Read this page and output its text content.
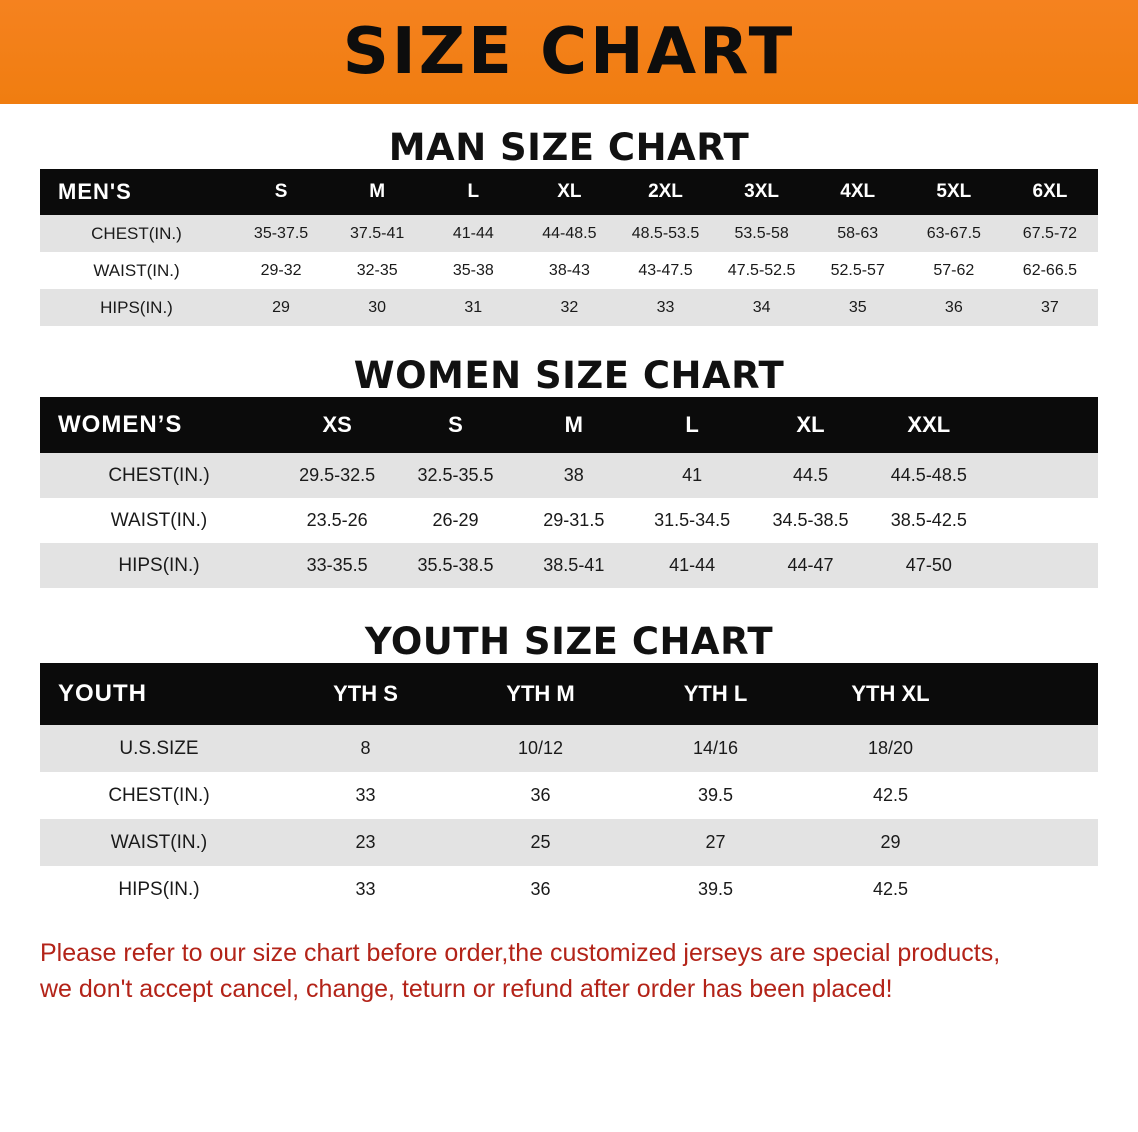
SIZE CHART
MAN SIZE CHART
MEN'S	S	M	L	XL	2XL	3XL	4XL	5XL	6XL
CHEST(IN.)	35-37.5	37.5-41	41-44	44-48.5	48.5-53.5	53.5-58	58-63	63-67.5	67.5-72
WAIST(IN.)	29-32	32-35	35-38	38-43	43-47.5	47.5-52.5	52.5-57	57-62	62-66.5
HIPS(IN.)	29	30	31	32	33	34	35	36	37
WOMEN SIZE CHART
WOMEN’S	XS	S	M	L	XL	XXL	
CHEST(IN.)	29.5-32.5	32.5-35.5	38	41	44.5	44.5-48.5	
WAIST(IN.)	23.5-26	26-29	29-31.5	31.5-34.5	34.5-38.5	38.5-42.5	
HIPS(IN.)	33-35.5	35.5-38.5	38.5-41	41-44	44-47	47-50	
YOUTH SIZE CHART
YOUTH	YTH S	YTH M	YTH L	YTH XL	
U.S.SIZE	8	10/12	14/16	18/20	
CHEST(IN.)	33	36	39.5	42.5	
WAIST(IN.)	23	25	27	29	
HIPS(IN.)	33	36	39.5	42.5	
Please refer to our size chart before order,the customized jerseys are special products,
we don't accept cancel, change, teturn or refund after order has been placed!
